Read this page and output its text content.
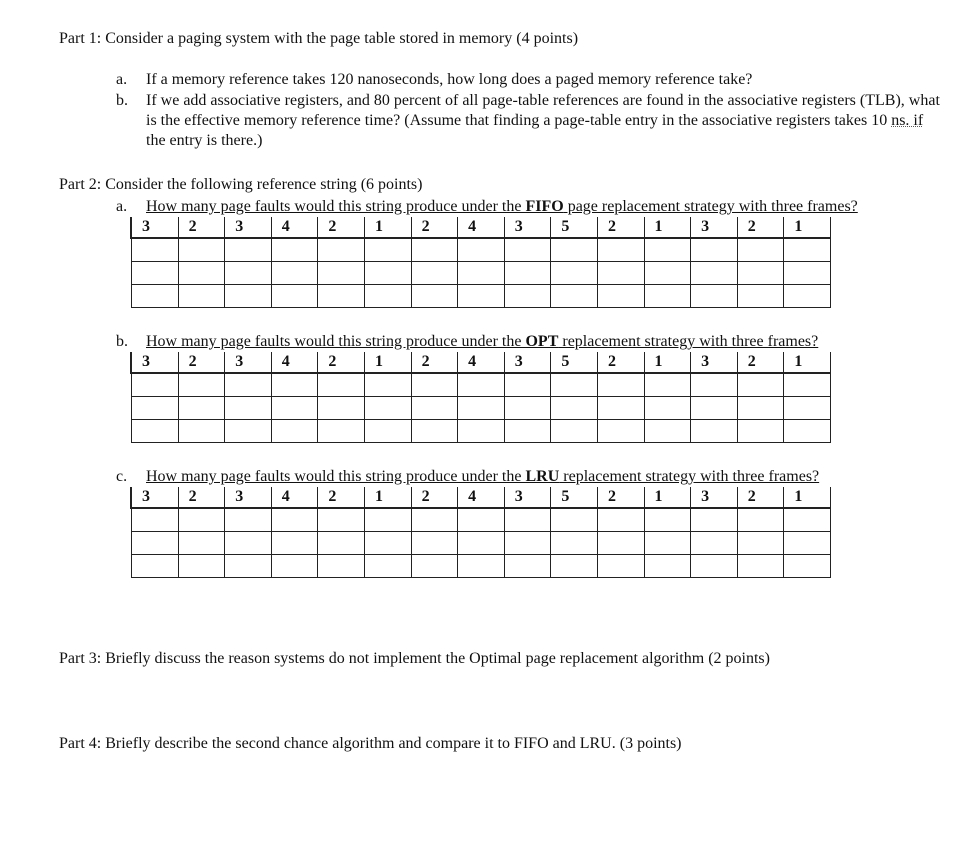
Part 1: Consider a paging system with the page table stored in memory (4 points)
a.	If a memory reference takes 120 nanoseconds, how long does a paged memory reference take?
b.	If we add associative registers, and 80 percent of all page-table references are found in the associative registers (TLB), what is the effective memory reference time? (Assume that finding a page-table entry in the associative registers takes 10 ns. if the entry is there.)
Part 2: Consider the following reference string (6 points)
a. How many page faults would this string produce under the FIFO page replacement strategy with three frames?
3	2	3	4	2	1	2	4	3	5	2	1	3	2	1

b. How many page faults would this string produce under the OPT replacement strategy with three frames?
3	2	3	4	2	1	2	4	3	5	2	1	3	2	1

c. How many page faults would this string produce under the LRU replacement strategy with three frames?
3	2	3	4	2	1	2	4	3	5	2	1	3	2	1

Part 3: Briefly discuss the reason systems do not implement the Optimal page replacement algorithm (2 points)
Part 4: Briefly describe the second chance algorithm and compare it to FIFO and LRU. (3 points)
